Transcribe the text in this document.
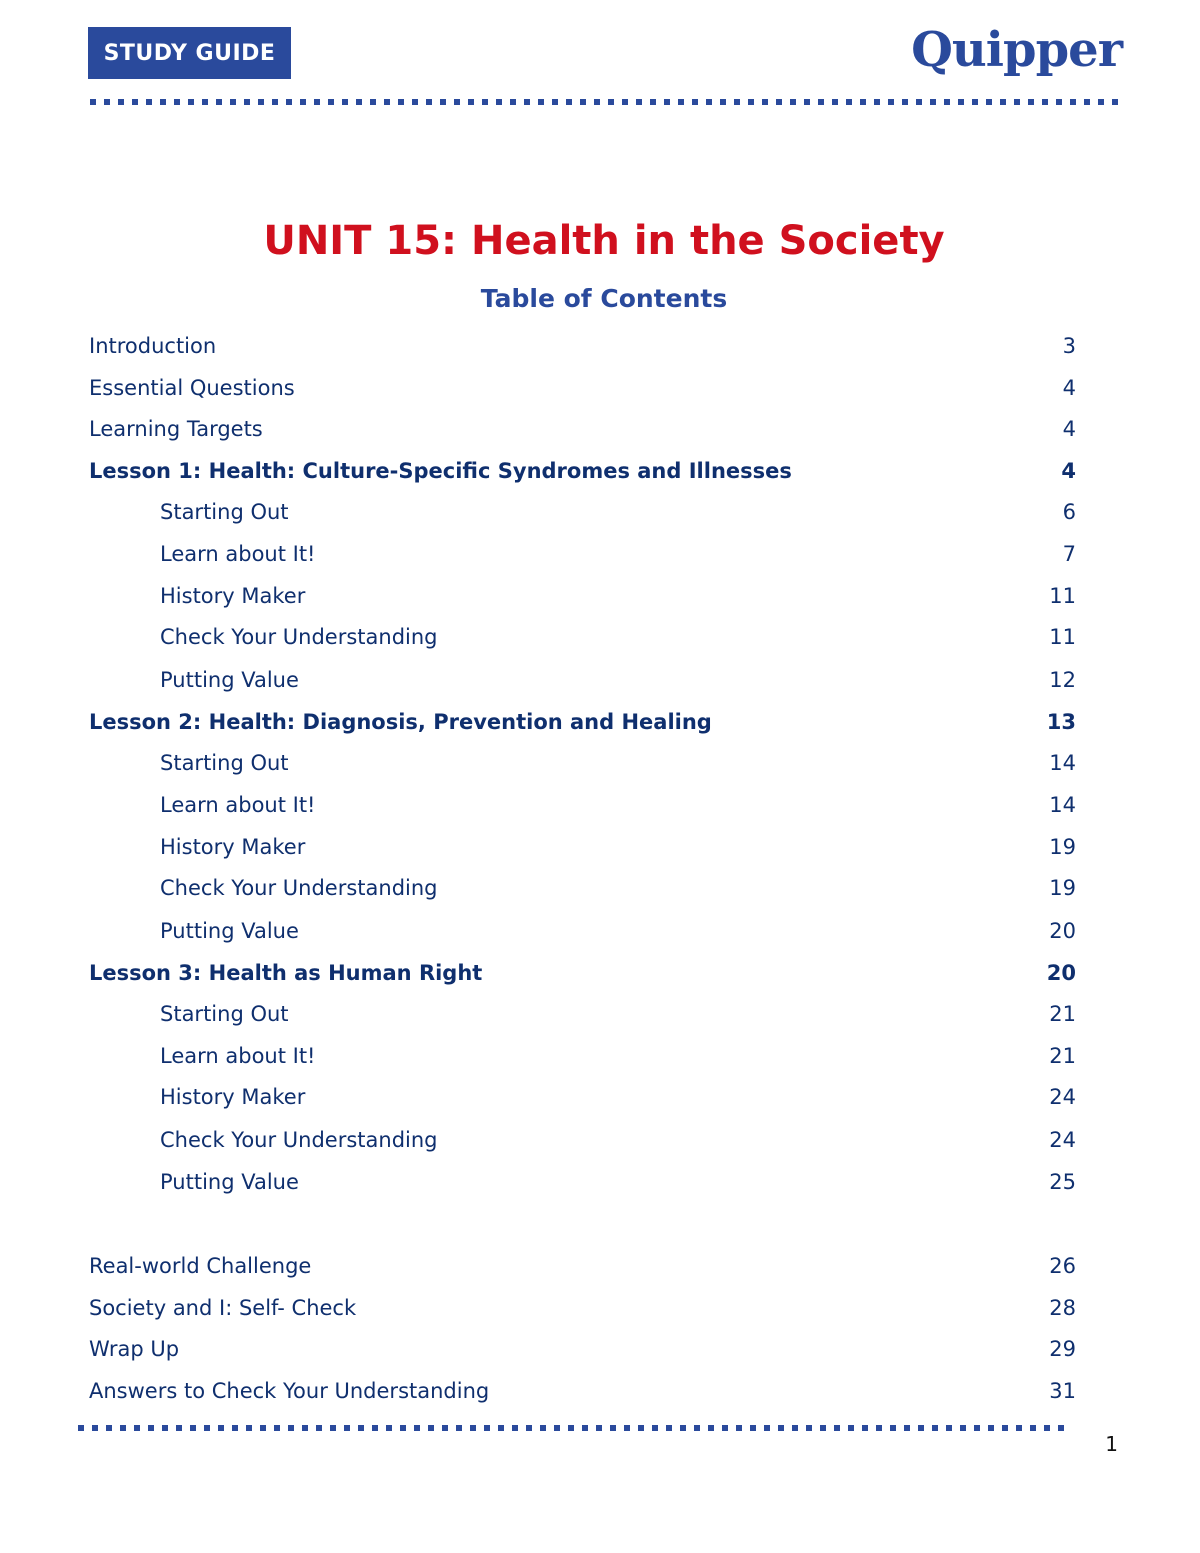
STUDY GUIDE	Quipper
UNIT 15: Health in the Society
Table of Contents
Introduction	3
Essential Questions	4
Learning Targets	4
Lesson 1: Health: Culture-Specific Syndromes and Illnesses	4
Starting Out	6
Learn about It!	7
History Maker	11
Check Your Understanding	11
Putting Value	12
Lesson 2: Health: Diagnosis, Prevention and Healing	13
Starting Out	14
Learn about It!	14
History Maker	19
Check Your Understanding	19
Putting Value	20
Lesson 3: Health as Human Right	20
Starting Out	21
Learn about It!	21
History Maker	24
Check Your Understanding	24
Putting Value	25
Real-world Challenge	26
Society and I: Self- Check	28
Wrap Up	29
Answers to Check Your Understanding	31
1
